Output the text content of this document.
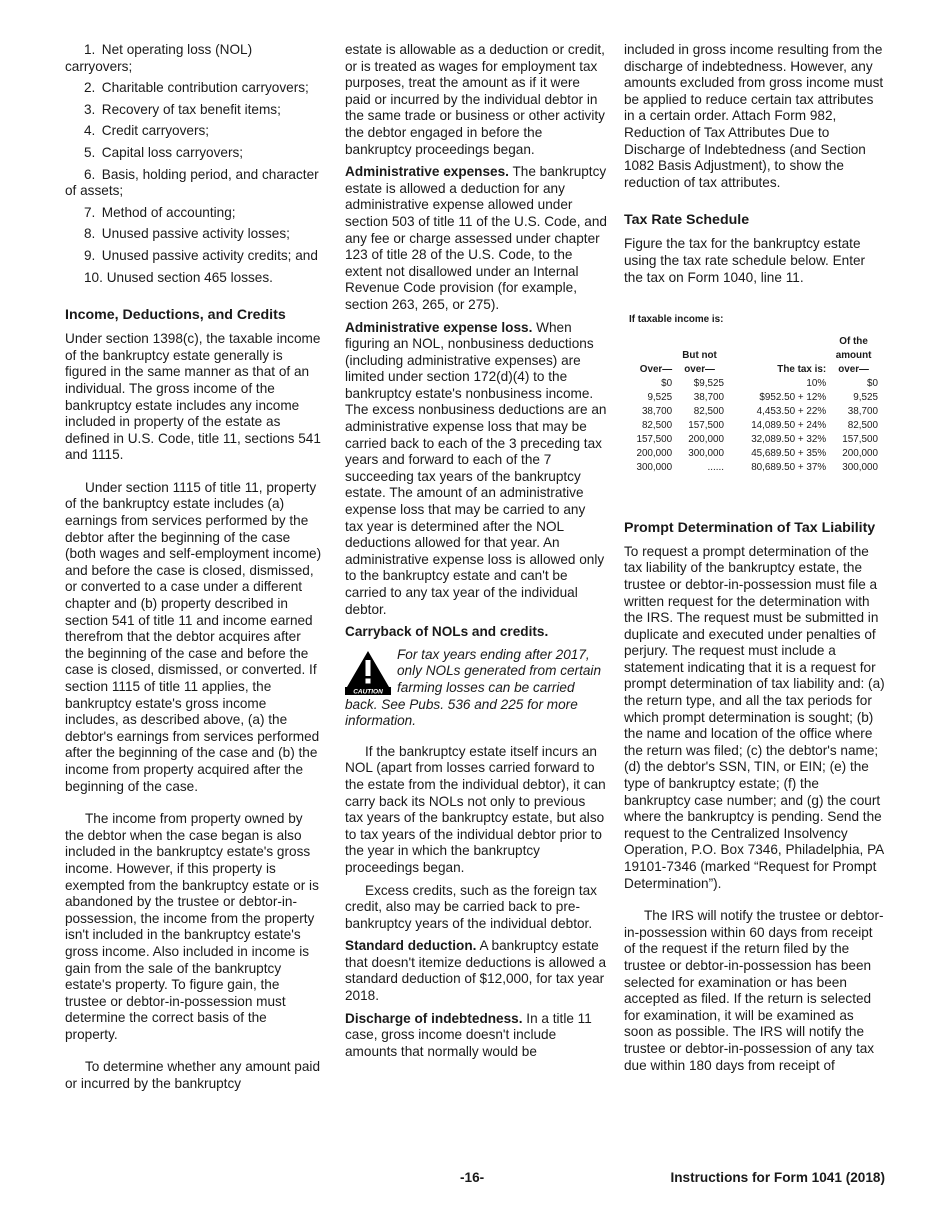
1. Net operating loss (NOL) carryovers;
2. Charitable contribution carryovers;
3. Recovery of tax benefit items;
4. Credit carryovers;
5. Capital loss carryovers;
6. Basis, holding period, and character of assets;
7. Method of accounting;
8. Unused passive activity losses;
9. Unused passive activity credits; and
10. Unused section 465 losses.
Income, Deductions, and Credits

Under section 1398(c), the taxable income of the bankruptcy estate generally is figured in the same manner as that of an individual. The gross income of the bankruptcy estate includes any income included in property of the estate as defined in U.S. Code, title 11, sections 541 and 1115.

Under section 1115 of title 11, property of the bankruptcy estate includes (a) earnings from services performed by the debtor after the beginning of the case (both wages and self-employment income) and before the case is closed, dismissed, or converted to a case under a different chapter and (b) property described in section 541 of title 11 and income earned therefrom that the debtor acquires after the beginning of the case and before the case is closed, dismissed, or converted. If section 1115 of title 11 applies, the bankruptcy estate's gross income includes, as described above, (a) the debtor's earnings from services performed after the beginning of the case and (b) the income from property acquired after the beginning of the case.

The income from property owned by the debtor when the case began is also included in the bankruptcy estate's gross income. However, if this property is exempted from the bankruptcy estate or is abandoned by the trustee or debtor-in-possession, the income from the property isn't included in the bankruptcy estate's gross income. Also included in income is gain from the sale of the bankruptcy estate's property. To figure gain, the trustee or debtor-in-possession must determine the correct basis of the property.

To determine whether any amount paid or incurred by the bankruptcy

estate is allowable as a deduction or credit, or is treated as wages for employment tax purposes, treat the amount as if it were paid or incurred by the individual debtor in the same trade or business or other activity the debtor engaged in before the bankruptcy proceedings began.

Administrative expenses. The bankruptcy estate is allowed a deduction for any administrative expense allowed under section 503 of title 11 of the U.S. Code, and any fee or charge assessed under chapter 123 of title 28 of the U.S. Code, to the extent not disallowed under an Internal Revenue Code provision (for example, section 263, 265, or 275).

Administrative expense loss. When figuring an NOL, nonbusiness deductions (including administrative expenses) are limited under section 172(d)(4) to the bankruptcy estate's nonbusiness income. The excess nonbusiness deductions are an administrative expense loss that may be carried back to each of the 3 preceding tax years and forward to each of the 7 succeeding tax years of the bankruptcy estate. The amount of an administrative expense loss that may be carried to any tax year is determined after the NOL deductions allowed for that year. An administrative expense loss is allowed only to the bankruptcy estate and can't be carried to any tax year of the individual debtor.

Carryback of NOLs and credits.

CAUTION
For tax years ending after 2017, only NOLs generated from certain farming losses can be carried back. See Pubs. 536 and 225 for more information.

If the bankruptcy estate itself incurs an NOL (apart from losses carried forward to the estate from the individual debtor), it can carry back its NOLs not only to previous tax years of the bankruptcy estate, but also to tax years of the individual debtor prior to the year in which the bankruptcy proceedings began.

Excess credits, such as the foreign tax credit, also may be carried back to pre-bankruptcy years of the individual debtor.

Standard deduction. A bankruptcy estate that doesn't itemize deductions is allowed a standard deduction of $12,000, for tax year 2018.

Discharge of indebtedness. In a title 11 case, gross income doesn't include amounts that normally would be

included in gross income resulting from the discharge of indebtedness. However, any amounts excluded from gross income must be applied to reduce certain tax attributes in a certain order. Attach Form 982, Reduction of Tax Attributes Due to Discharge of Indebtedness (and Section 1082 Basis Adjustment), to show the reduction of tax attributes.

Tax Rate Schedule

Figure the tax for the bankruptcy estate using the tax rate schedule below. Enter the tax on Form 1040, line 11.

If taxable income is:
Over—	But not over—	The tax is:	Of the amount over—
$0	$9,525	10%	$0
9,525	38,700	$952.50 + 12%	9,525
38,700	82,500	4,453.50 + 22%	38,700
82,500	157,500	14,089.50 + 24%	82,500
157,500	200,000	32,089.50 + 32%	157,500
200,000	300,000	45,689.50 + 35%	200,000
300,000	......	80,689.50 + 37%	300,000
Prompt Determination of Tax Liability

To request a prompt determination of the tax liability of the bankruptcy estate, the trustee or debtor-in-possession must file a written request for the determination with the IRS. The request must be submitted in duplicate and executed under penalties of perjury. The request must include a statement indicating that it is a request for prompt determination of tax liability and: (a) the return type, and all the tax periods for which prompt determination is sought; (b) the name and location of the office where the return was filed; (c) the debtor's name; (d) the debtor's SSN, TIN, or EIN; (e) the type of bankruptcy estate; (f) the bankruptcy case number; and (g) the court where the bankruptcy is pending. Send the request to the Centralized Insolvency Operation, P.O. Box 7346, Philadelphia, PA 19101-7346 (marked “Request for Prompt Determination”).

The IRS will notify the trustee or debtor-in-possession within 60 days from receipt of the request if the return filed by the trustee or debtor-in-possession has been selected for examination or has been accepted as filed. If the return is selected for examination, it will be examined as soon as possible. The IRS will notify the trustee or debtor-in-possession of any tax due within 180 days from receipt of

-16-	Instructions for Form 1041 (2018)
